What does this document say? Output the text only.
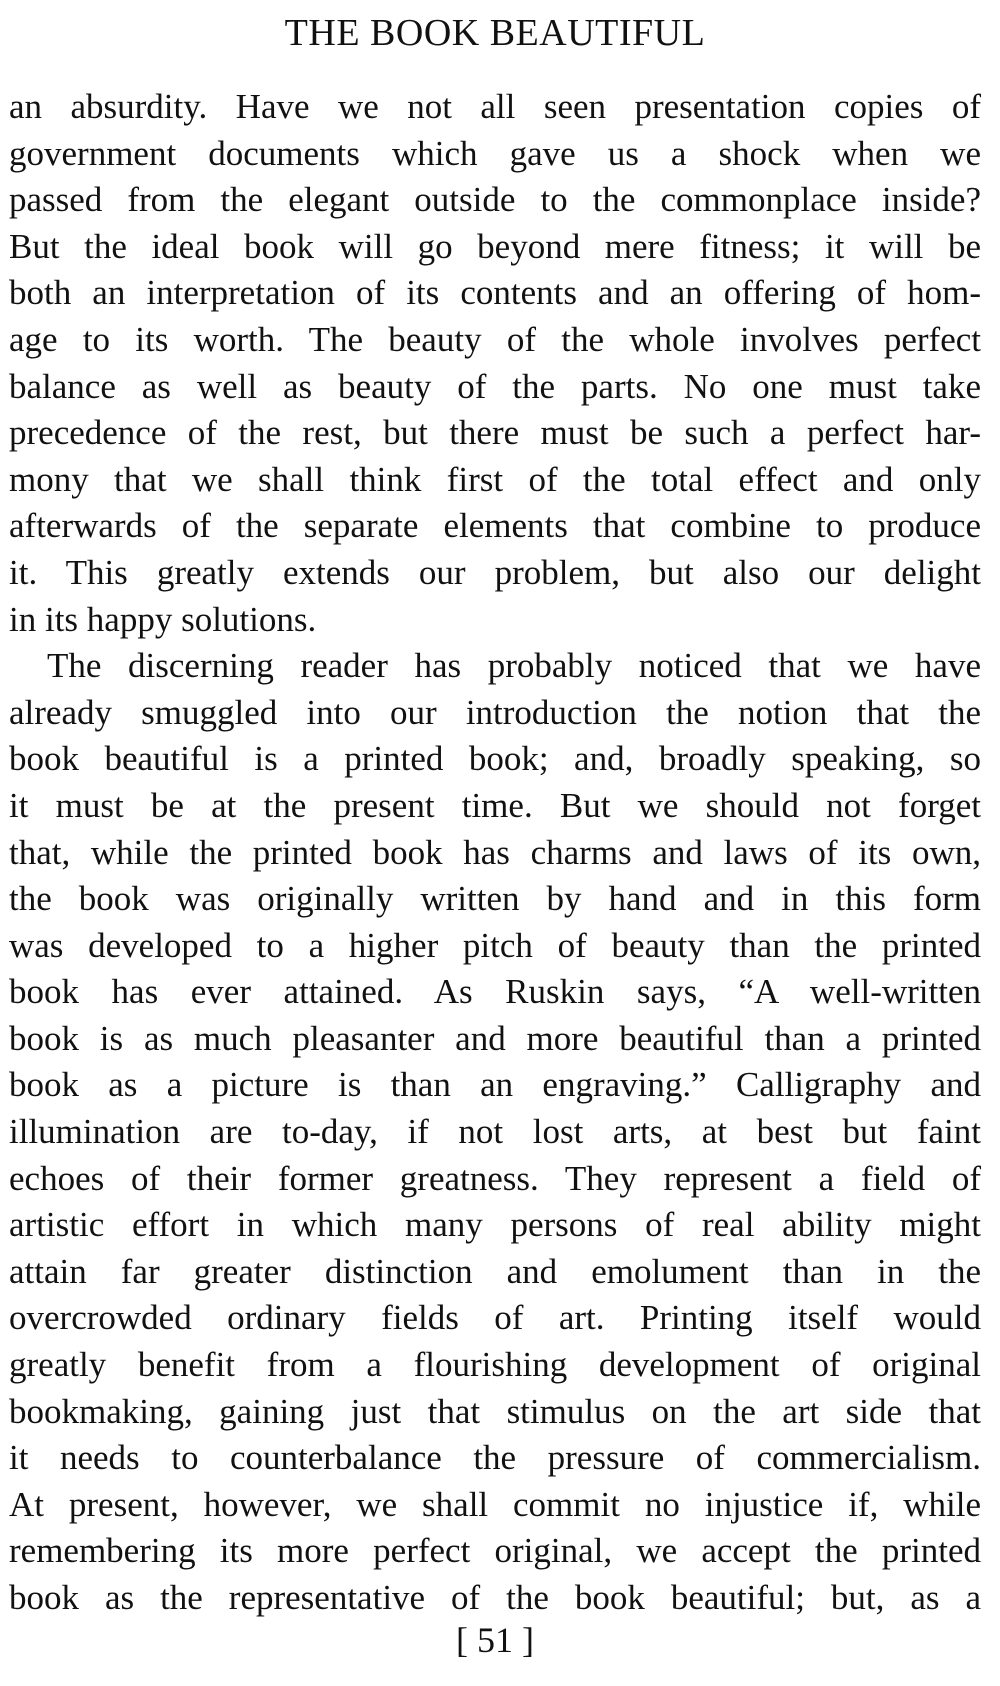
THE BOOK BEAUTIFUL
an absurdity. Have we not all seen presentation copies of
government documents which gave us a shock when we
passed from the elegant outside to the commonplace inside?
But the ideal book will go beyond mere fitness; it will be
both an interpretation of its contents and an offering of hom-
age to its worth. The beauty of the whole involves perfect
balance as well as beauty of the parts. No one must take
precedence of the rest, but there must be such a perfect har-
mony that we shall think first of the total effect and only
afterwards of the separate elements that combine to produce
it. This greatly extends our problem, but also our delight
in its happy solutions.
The discerning reader has probably noticed that we have
already smuggled into our introduction the notion that the
book beautiful is a printed book; and, broadly speaking, so
it must be at the present time. But we should not forget
that, while the printed book has charms and laws of its own,
the book was originally written by hand and in this form
was developed to a higher pitch of beauty than the printed
book has ever attained. As Ruskin says, “A well-written
book is as much pleasanter and more beautiful than a printed
book as a picture is than an engraving.” Calligraphy and
illumination are to-day, if not lost arts, at best but faint
echoes of their former greatness. They represent a field of
artistic effort in which many persons of real ability might
attain far greater distinction and emolument than in the
overcrowded ordinary fields of art. Printing itself would
greatly benefit from a flourishing development of original
bookmaking, gaining just that stimulus on the art side that
it needs to counterbalance the pressure of commercialism.
At present, however, we shall commit no injustice if, while
remembering its more perfect original, we accept the printed
book as the representative of the book beautiful; but, as a
[ 51 ]
